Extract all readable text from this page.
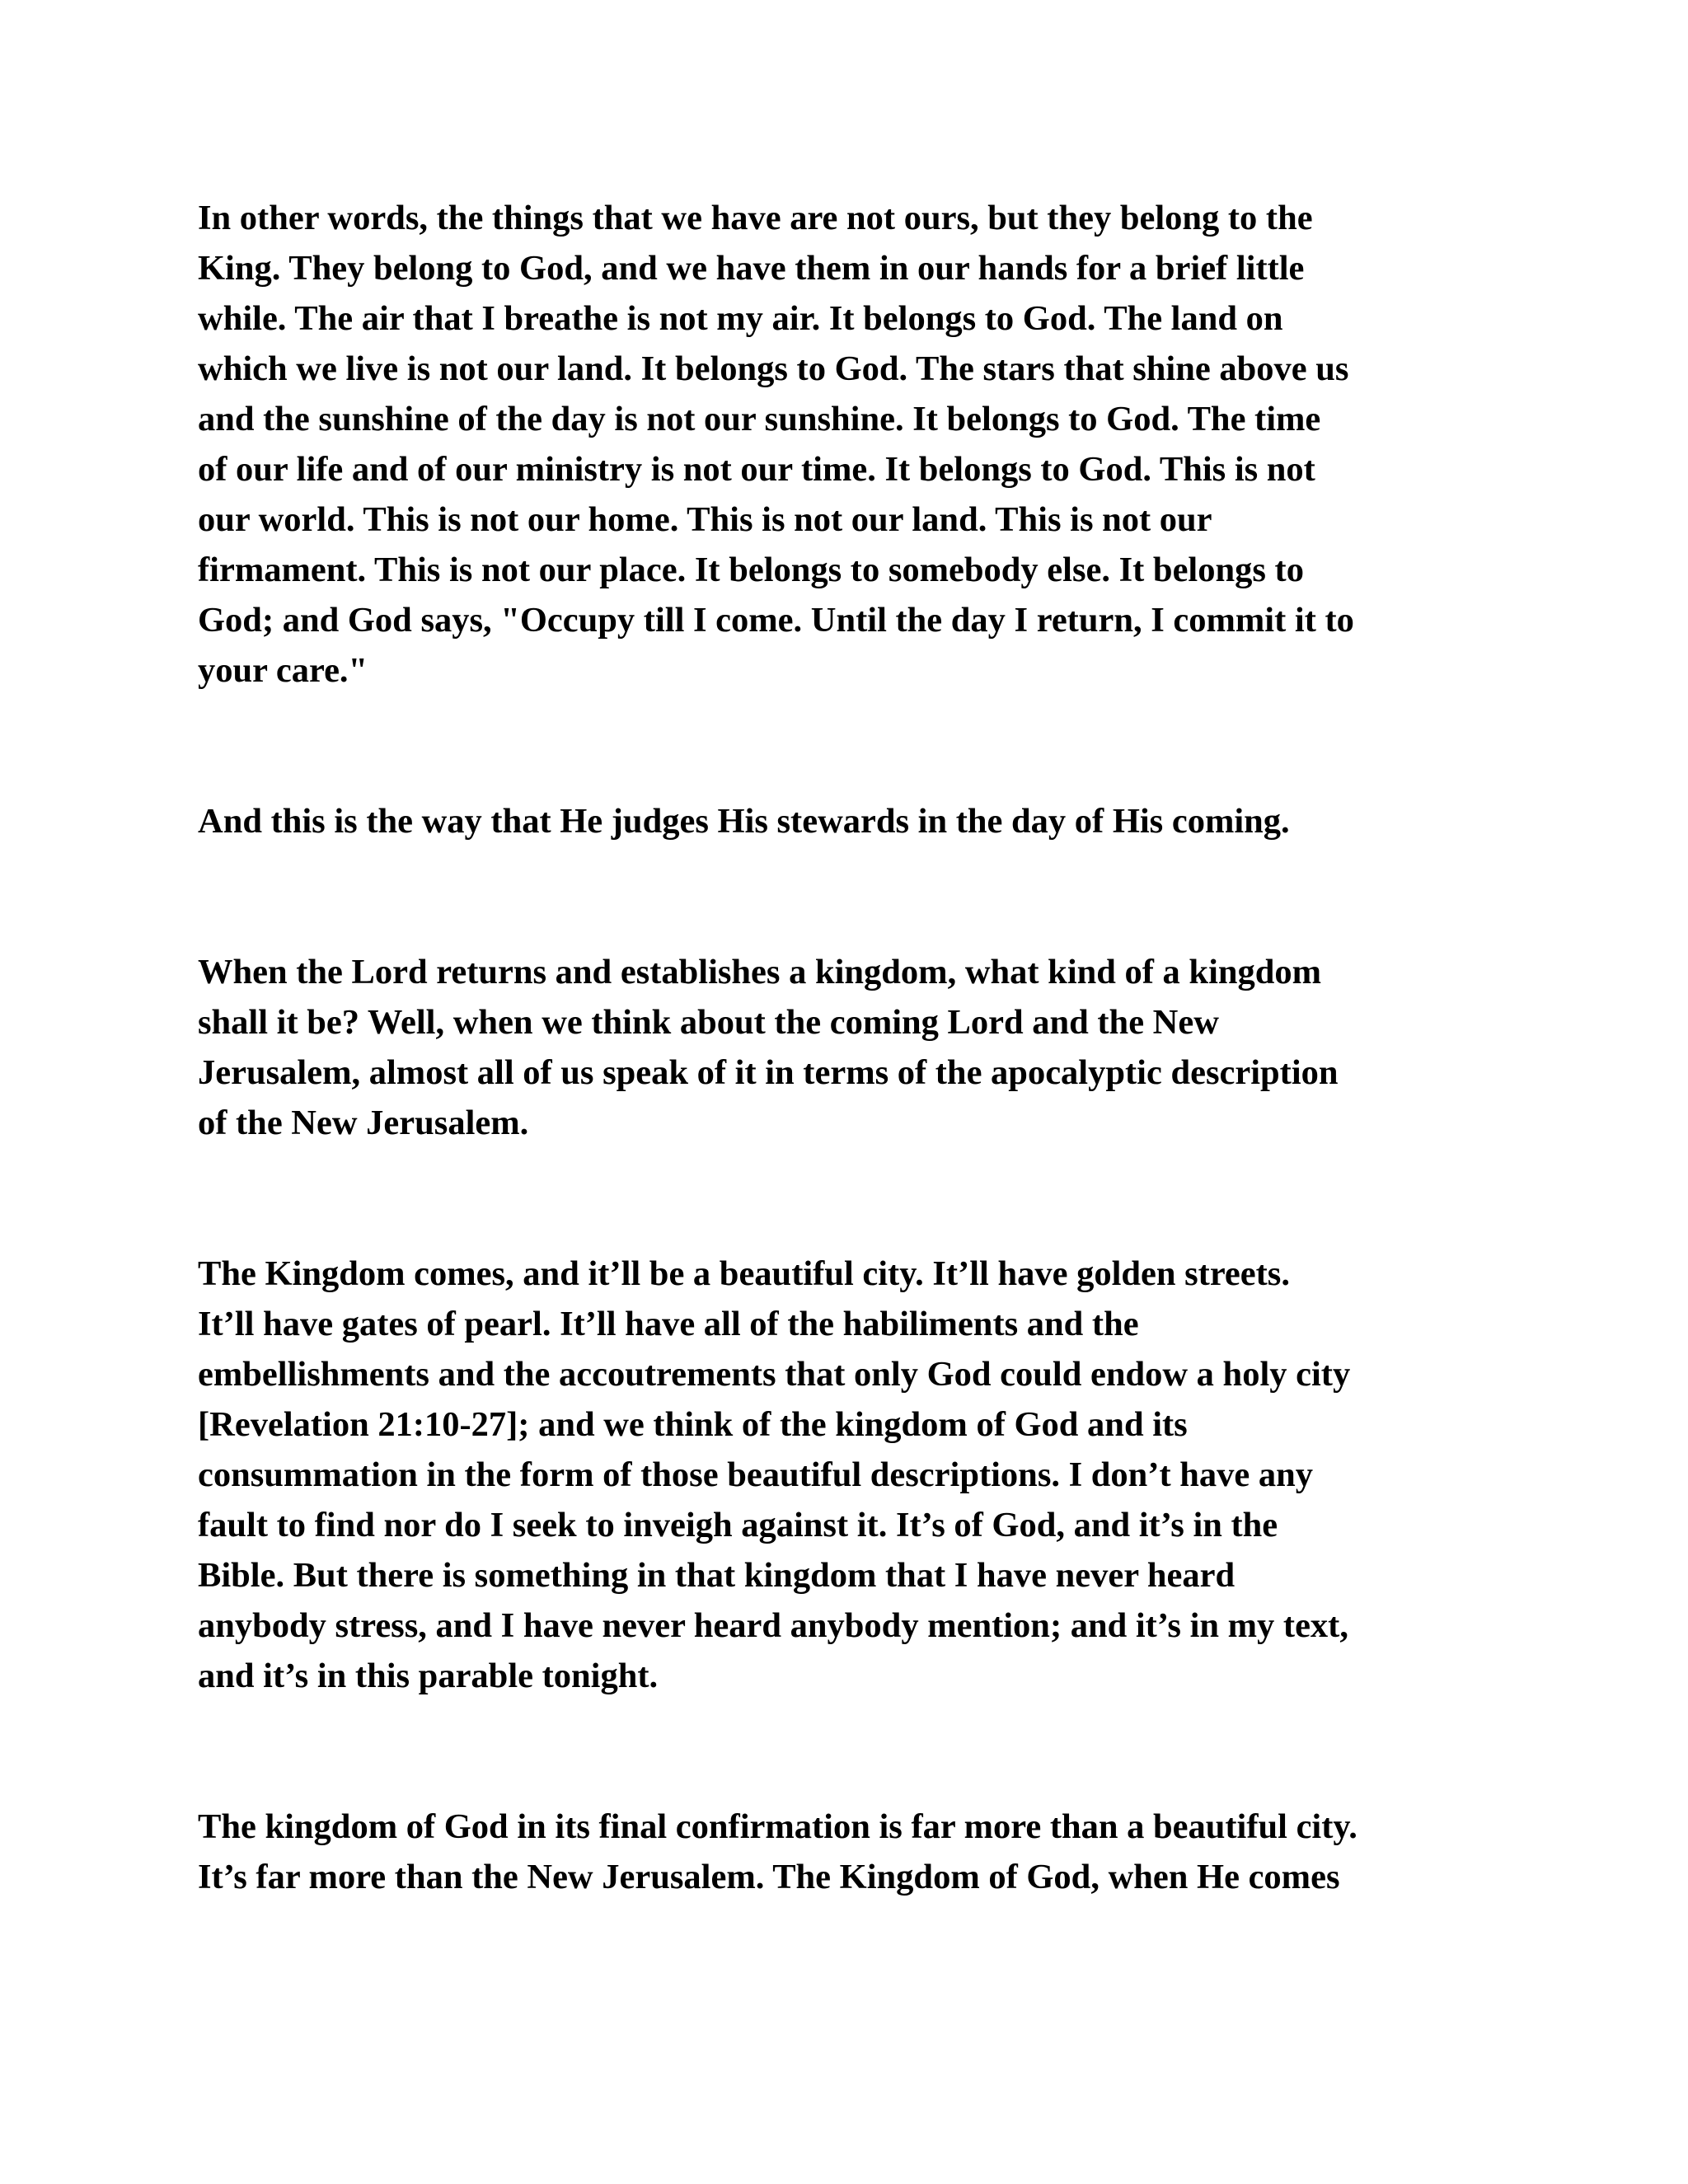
In other words, the things that we have are not ours, but they belong to the
King. They belong to God, and we have them in our hands for a brief little
while. The air that I breathe is not my air. It belongs to God. The land on
which we live is not our land. It belongs to God. The stars that shine above us
and the sunshine of the day is not our sunshine. It belongs to God. The time
of our life and of our ministry is not our time. It belongs to God. This is not
our world. This is not our home. This is not our land. This is not our
firmament. This is not our place. It belongs to somebody else. It belongs to
God; and God says, "Occupy till I come. Until the day I return, I commit it to
your care."

And this is the way that He judges His stewards in the day of His coming.

When the Lord returns and establishes a kingdom, what kind of a kingdom
shall it be? Well, when we think about the coming Lord and the New
Jerusalem, almost all of us speak of it in terms of the apocalyptic description
of the New Jerusalem.

The Kingdom comes, and it’ll be a beautiful city. It’ll have golden streets.
It’ll have gates of pearl. It’ll have all of the habiliments and the
embellishments and the accoutrements that only God could endow a holy city
[Revelation 21:10-27]; and we think of the kingdom of God and its
consummation in the form of those beautiful descriptions. I don’t have any
fault to find nor do I seek to inveigh against it. It’s of God, and it’s in the
Bible. But there is something in that kingdom that I have never heard
anybody stress, and I have never heard anybody mention; and it’s in my text,
and it’s in this parable tonight.

The kingdom of God in its final confirmation is far more than a beautiful city.
It’s far more than the New Jerusalem. The Kingdom of God, when He comes
